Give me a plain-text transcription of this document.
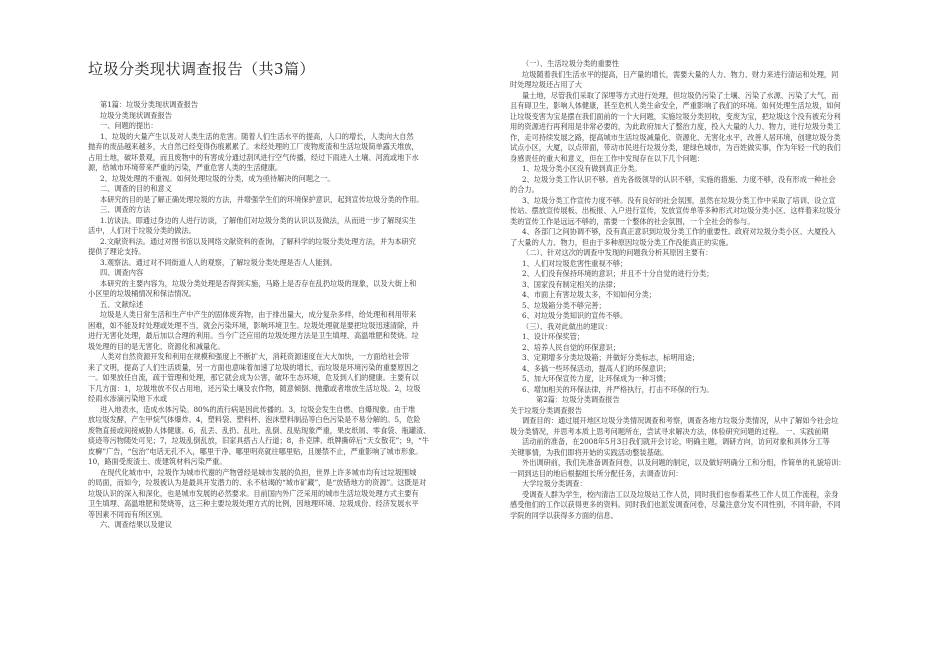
垃圾分类现状调查报告（共3篇）
第1篇：垃圾分类现状调查报告
垃圾分类现状调查报告
一、问题的提出：
1、垃圾的大量产生以及对人类生活的危害。随着人们生活水平的提高，人口的增长，人类向大自然
抛弃的废品越来越多，大自然已经变得伤痕累累了。未经处理的工厂废物废渣和生活垃圾简单露天堆放，
占用土地，破坏景观，而且废物中的有害成分通过刮风进行空气传播，经过下雨进入土壤、河流或地下水
源，给城市环境带来严重的污染，严重危害人类的生活健康。
2、垃圾处理的不重视。如何处理垃圾的分类，成为亟待解决的问题之一。
二、调查的目的和意义
本研究的目的是了解正确处理垃圾的方法，并增强学生们的环境保护意识，起到宣传垃圾分类的作用。
三、调查的方法
1.访谈法。即通过身边的人进行访谈，了解他们对垃圾分类的认识以及做法，从而进一步了解现实生
活中，人们对于垃圾分类的做法。
2.文献资料法。通过对图书馆以及网络文献资料的查询，了解科学的垃圾分类处理方法，并为本研究
提供了理论支持。
3.观察法。通过对不同街道人人的观察，了解垃圾分类处理是否人人能到。
四、调查内容
本研究的主要内容为，垃圾分类处理是否得到实施，马路上是否存在乱扔垃圾的现象，以及大街上和
小区里的垃圾桶情况和保洁情况。
五、文献综述
垃圾是人类日常生活和生产中产生的固体废弃物，由于排出量大，成分复杂多样，给处理和利用带来
困难，如不能及时处理或处理不当，就会污染环境，影响环境卫生。垃圾处理就是要把垃圾迅速清除，并
进行无害化处理，最后加以合理的利用。当今广泛应用的垃圾处理方法是卫生填埋、高温堆肥和焚烧。垃
圾处理的目的是无害化、资源化和减量化。
人类对自然资源开发和利用在规模和强度上不断扩大，消耗资源速度在大大加快，一方面给社会带
来了文明，提高了人们生活质量，另一方面也意味着加速了垃圾的增长，而垃圾是环境污染的重要原因之
一。如果放任自流，疏于管理和处理，那它就会成为公害，破坏生态环境，危及到人们的健康。主要有以
下几方面：1，垃圾堆放不仅占用地，还污染土壤及农作物，随意倾倒、抛撒或者堆放生活垃圾。2，垃圾
经雨水渗滴污染地下水或
进入地表水，造成水体污染。80%的流行病是因此传播的。3，垃圾会发生自燃、自爆现象。由于堆
放垃圾发酵，产生甲烷气体爆炸。4，塑料袋、塑料杯、泡沫塑料制品等白色污染是不易分解的。5，危险
废物直接或间接威胁人体健康。6，乱丢、乱扔、乱吐、乱倒、乱贴现象严重，果皮纸屑、零食袋、瓶罐渣、
痰迹等污物随处可见；7，垃圾乱倒乱放，旧家具搭占人行道；8，扑克牌、纸牌撕碎后“天女散花”；9，“牛
皮癣”广告，“包治”电话无孔不入，哪里干净、哪里明亮就往哪里贴，且屡禁不止，严重影响了城市形象。
10，路面受废渣土、废建筑材料污染严重。
在现代化城市中，垃圾作为城市代谢的产物曾经是城市发展的负担，世界上许多城市均有过垃圾围城
的局面，而如今，垃圾被认为是最具开发潜力的、永不枯竭的“城市矿藏”，是“放错地方的资源”。这既是对
垃圾认识的深入和深化，也是城市发展的必然要求。目前国内外广泛采用的城市生活垃圾处理方式主要有
卫生填埋、高温堆肥和焚烧等，这三种主要垃圾处理方式的比例，因地理环境、垃圾成份、经济发展水平
等因素不同而有所区别。
六、调查结果以及建议
（一）、生活垃圾分类的重要性
垃圾随着我们生活水平的提高，日产量的增长，需要大量的人力、物力、财力来进行清运和处理，同
时处理垃圾还占用了大
量土地，尽管我们采取了深埋等方式进行处理，但垃圾仍污染了土壤、污染了水源、污染了大气，而
且有碍卫生，影响人体健康，甚至危机人类生命安全，严重影响了我们的环境。如何处理生活垃圾，如何
让垃圾变害为宝是摆在我们面前的一个大问题，实施垃圾分类回收，变废为宝，把垃圾这个没有被充分利
用的资源进行再利用是非常必要的，为此政府加大了整治力度，投入大量的人力、物力，进行垃圾分类工
作，走可持续发展之路，提高城市生活垃圾减量化、资源化、无害化水平，改善人居环境，创建垃圾分类
试点小区，大厦，以点带面，带动市民进行垃圾分类，建绿色城市，为百姓做实事，作为年轻一代的我们
身感责任的重大和意义，但在工作中发现存在以下几个问题：
1、垃圾分类小区没有做到真正分类。
2、垃圾分类工作认识不够。首先各级领导的认识不够，实施的措施、力度不够，没有形成一种社会
的合力。
3、垃圾分类工作宣传力度不够。没有良好的社会氛围，虽然在垃圾分类工作中采取了培训、设立宣
传站、摆放宣传展板、出板报、入户进行宣传，发放宣传单等多种形式对垃圾分类小区、这样着来垃圾分
类的宣传工作是远远不够的，需要一个整体的社会氛围，一个全社会的参与。
4、各部门之间协调不够，没有真正意识到垃圾分类工作的重要性。政府对垃圾分类小区、大厦投入
了大量的人力、物力，但由于多种原因垃圾分类工作没能真正的实施。
（二）、针对这次的调查中发现的问题我分析其原因主要有：
1、人们对垃圾危害性重视不够；
2、人们没有保持环境的意识；并且不十分自觉的进行分类；
3、国家没有制定相关的法律；
4、市面上有害垃圾太多，不知如何分类；
5、垃圾箱分类不够完善；
6、对垃圾分类知识的宣传不够。
（三）、我对此做出的建议：
1、设计环保奖管；
2、培养人民自觉的环保意识；
3、定期增多分类垃圾箱；并做好分类标志，标明用途；
4、多搞一些环保活动，提高人们的环保意识；
5、加大环保宣传力度，让环保成为一种习惯；
6、增加相关的环保法律，并严格执行，打击不环保的行为。
第2篇：垃圾分类调查报告
关于垃圾分类调查报告
调查目的：通过展开地区垃圾分类情况调查和考察，调查各地方垃圾分类情况，从中了解如今社会垃
圾分类情况，并思考本质上思考问题所在，尝试寻求解决方法，体验研究问题的过程。 一、实践前期
活动前的准备，在2008年5月3日我们就开会讨论，明确主题，调研方向，访问对象和具体分工等
关键事情，为我们即将开始的实践活动整装基础。
外出调研前，我们先准备调查问卷，以及问题的制定，以及做好明确分工和分组，作简单的礼貌培训：
一同到达目的地后根据组长所分配任务，去调查访问：
大学垃圾分类调查：
受调查人群为学生，校内清洁工以及垃圾站工作人员，同时我们也参看某些工作人员工作流程，亲身
感受他们的工作以获得更多的资料。同时我们也派发调查问卷，尽量注意分发不同性别，不同年龄，不同
学院的同学以获得多方面的信息。
